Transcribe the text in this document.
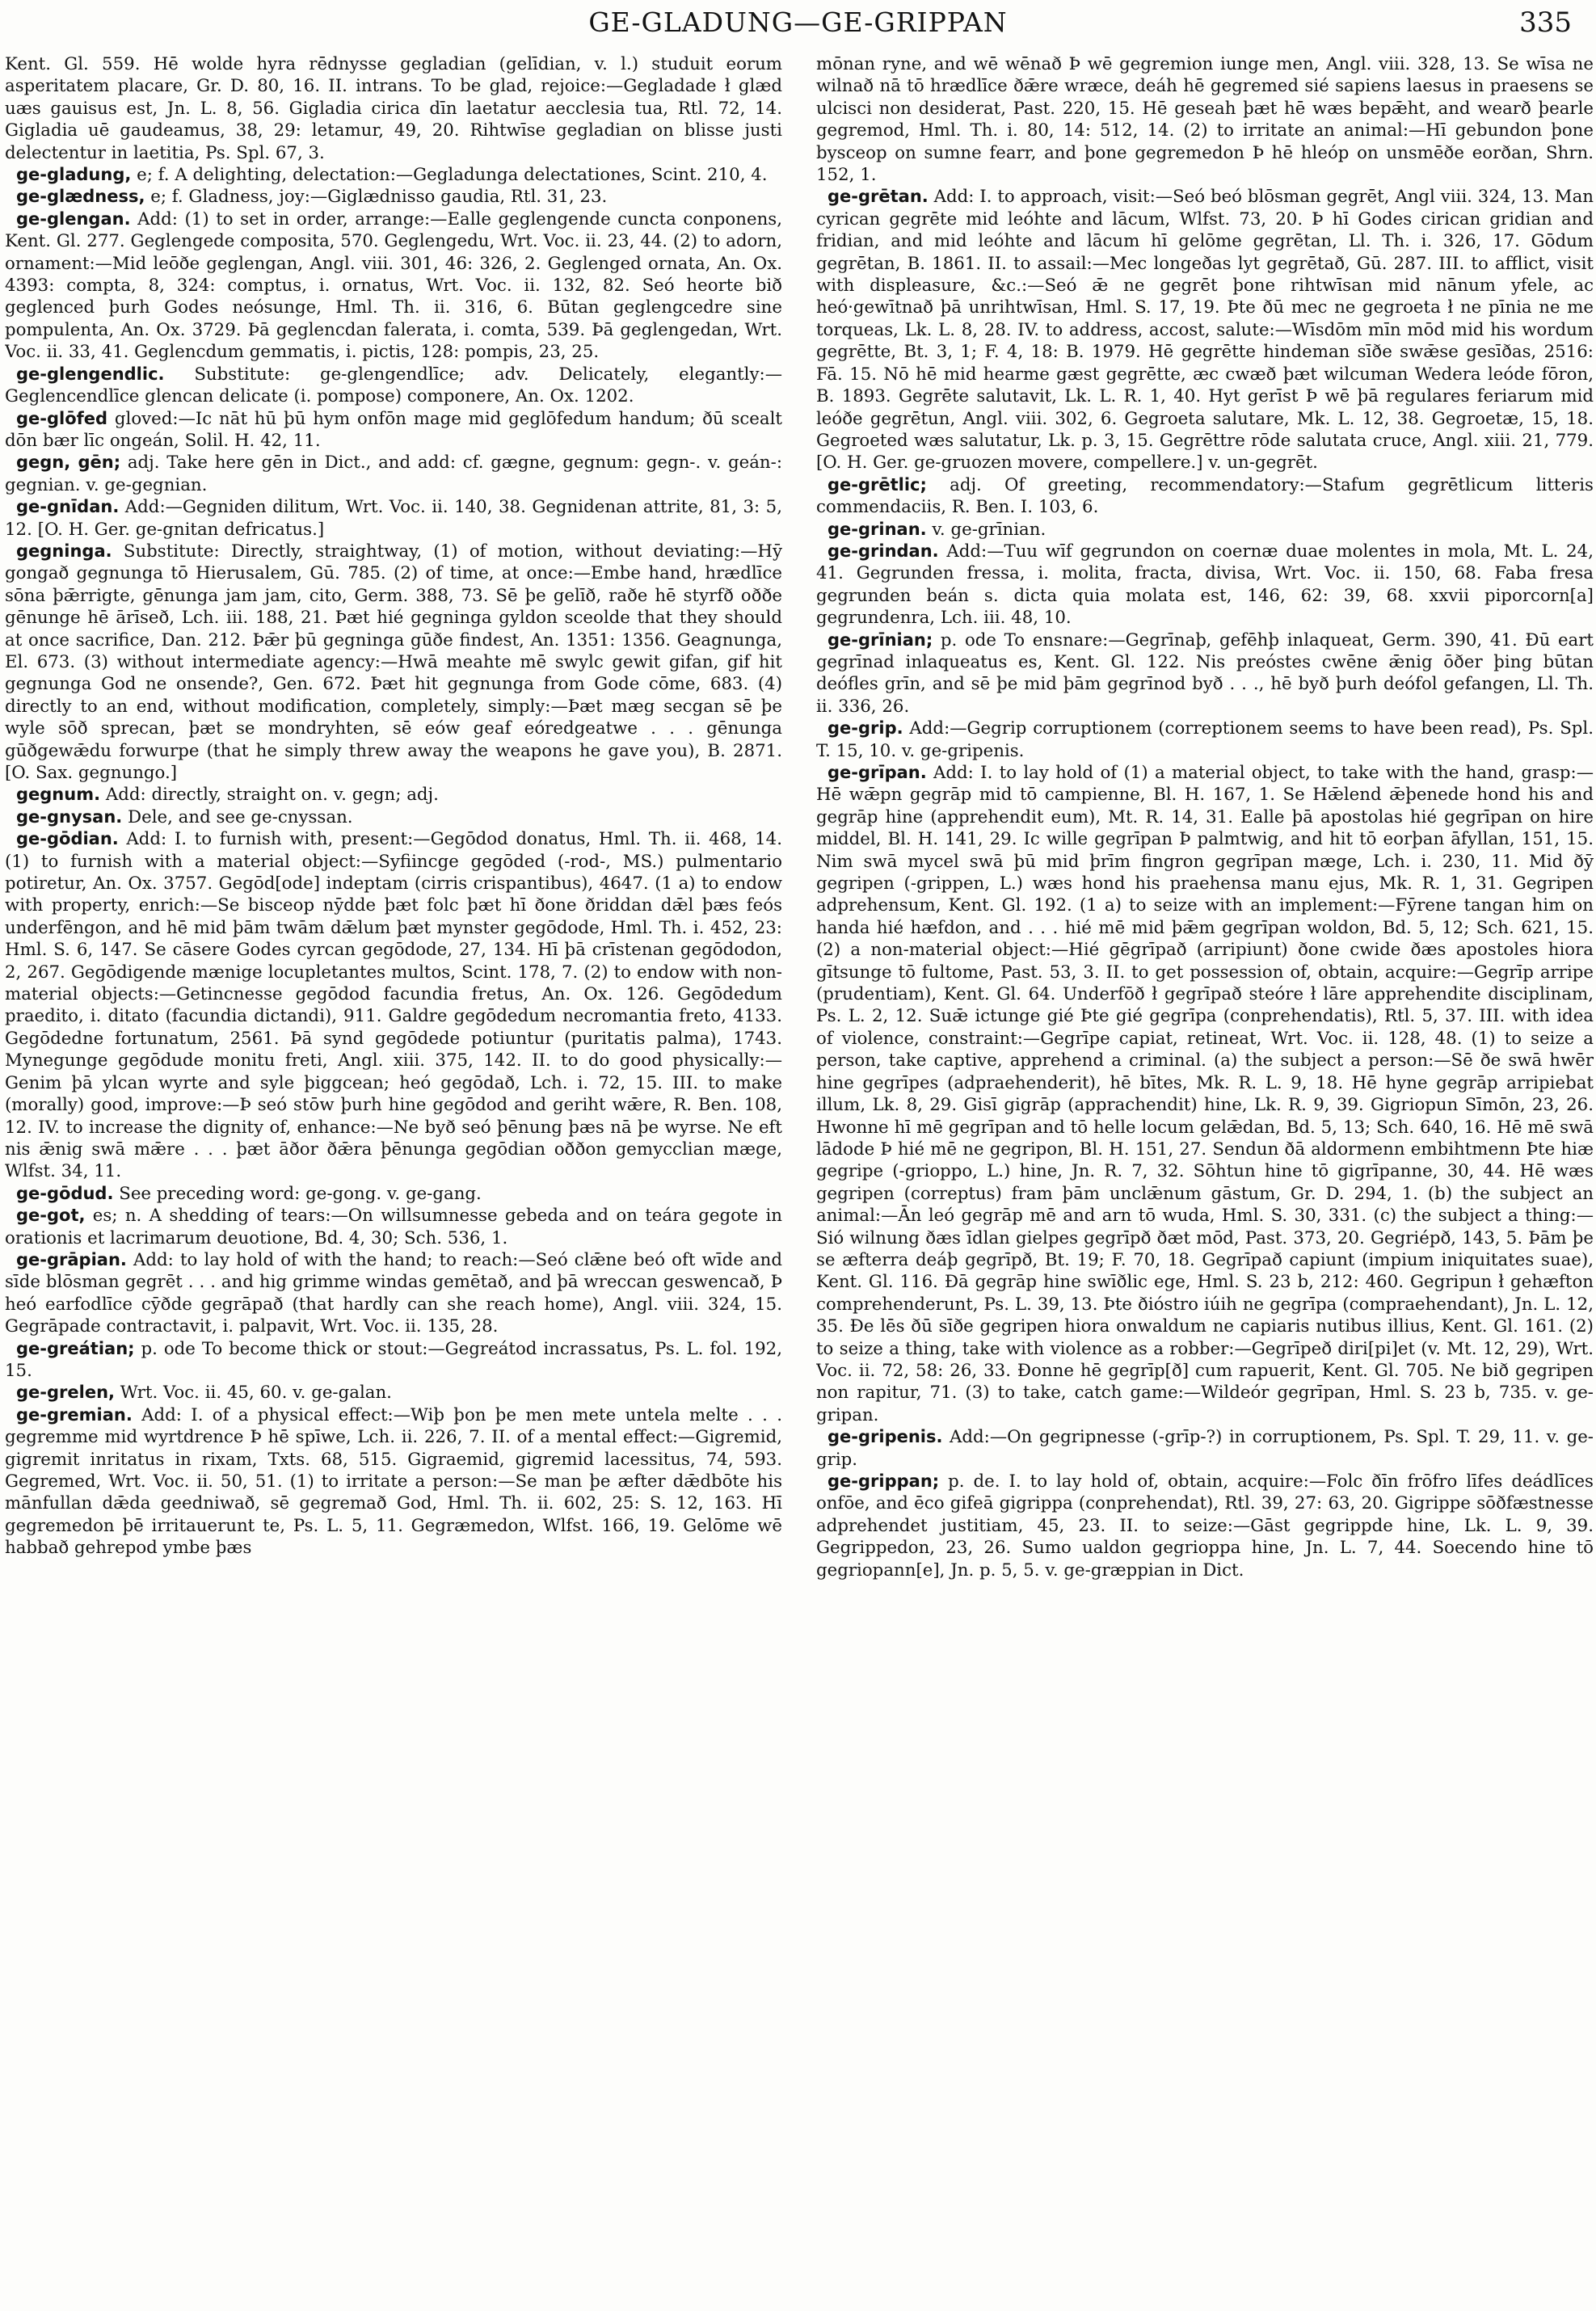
GE-GLADUNG—GE-GRIPPAN	335

Kent. Gl. 559. Hē wolde hyra rēdnysse gegladian (gelīdian, v. l.) studuit eorum asperitatem placare, Gr. D. 80, 16. II. intrans. To be glad, rejoice:—Gegladade ł glæd uæs gauisus est, Jn. L. 8, 56. Gigladia cirica dīn laetatur aecclesia tua, Rtl. 72, 14. Gigladia uē gaudeamus, 38, 29: letamur, 49, 20. Rihtwīse gegladian on blisse justi delectentur in laetitia, Ps. Spl. 67, 3.

ge-gladung, e; f. A delighting, delectation:—Gegladunga delectationes, Scint. 210, 4.

ge-glædness, e; f. Gladness, joy:—Giglædnisso gaudia, Rtl. 31, 23.

ge-glengan. Add: (1) to set in order, arrange:—Ealle geglengende cuncta conponens, Kent. Gl. 277. Geglengede composita, 570. Geglengedu, Wrt. Voc. ii. 23, 44. (2) to adorn, ornament:—Mid leōðe geglengan, Angl. viii. 301, 46: 326, 2. Geglenged ornata, An. Ox. 4393: compta, 8, 324: comptus, i. ornatus, Wrt. Voc. ii. 132, 82. Seó heorte bið geglenced þurh Godes neósunge, Hml. Th. ii. 316, 6. Būtan geglengcedre sine pompulenta, An. Ox. 3729. Þā geglencdan falerata, i. comta, 539. Þā geglengedan, Wrt. Voc. ii. 33, 41. Geglencdum gemmatis, i. pictis, 128: pompis, 23, 25.

ge-glengendlic. Substitute: ge-glengendlīce; adv. Delicately, elegantly:—Geglencendlīce glencan delicate (i. pompose) componere, An. Ox. 1202.

ge-glōfed gloved:—Ic nāt hū þū hym onfōn mage mid geglōfedum handum; ðū scealt dōn bær līc ongeán, Solil. H. 42, 11.

gegn, gēn; adj. Take here gēn in Dict., and add: cf. gægne, gegnum: gegn-. v. geán-: gegnian. v. ge-gegnian.

ge-gnīdan. Add:—Gegniden dilitum, Wrt. Voc. ii. 140, 38. Gegnidenan attrite, 81, 3: 5, 12. [O. H. Ger. ge-gnitan defricatus.]

gegninga. Substitute: Directly, straightway, (1) of motion, without deviating:—Hȳ gongað gegnunga tō Hierusalem, Gū. 785. (2) of time, at once:—Embe hand, hrædlīce sōna þǣrrigte, gēnunga jam jam, cito, Germ. 388, 73. Sē þe gelīð, raðe hē styrfð oððe gēnunge hē ārīseð, Lch. iii. 188, 21. Þæt hié gegninga gyldon sceolde that they should at once sacrifice, Dan. 212. Þǣr þū gegninga gūðe findest, An. 1351: 1356. Geagnunga, El. 673. (3) without intermediate agency:—Hwā meahte mē swylc gewit gifan, gif hit gegnunga God ne onsende?, Gen. 672. Þæt hit gegnunga from Gode cōme, 683. (4) directly to an end, without modification, completely, simply:—Þæt mæg secgan sē þe wyle sōð sprecan, þæt se mondryhten, sē eów geaf eóredgeatwe . . . gēnunga gūðgewǣdu forwurpe (that he simply threw away the weapons he gave you), B. 2871. [O. Sax. gegnungo.]

gegnum. Add: directly, straight on. v. gegn; adj.

ge-gnysan. Dele, and see ge-cnyssan.

ge-gōdian. Add: I. to furnish with, present:—Gegōdod donatus, Hml. Th. ii. 468, 14. (1) to furnish with a material object:—Syfiincge gegōded (-rod-, MS.) pulmentario potiretur, An. Ox. 3757. Gegōd[ode] indeptam (cirris crispantibus), 4647. (1 a) to endow with property, enrich:—Se bisceop nȳdde þæt folc þæt hī ðone ðriddan dǣl þæs feós underfēngon, and hē mid þām twām dǣlum þæt mynster gegōdode, Hml. Th. i. 452, 23: Hml. S. 6, 147. Se cāsere Godes cyrcan gegōdode, 27, 134. Hī þā crīstenan gegōdodon, 2, 267. Gegōdigende mænige locupletantes multos, Scint. 178, 7. (2) to endow with non-material objects:—Getincnesse gegōdod facundia fretus, An. Ox. 126. Gegōdedum praedito, i. ditato (facundia dictandi), 911. Galdre gegōdedum necromantia freto, 4133. Gegōdedne fortunatum, 2561. Þā synd gegōdede potiuntur (puritatis palma), 1743. Mynegunge gegōdude monitu freti, Angl. xiii. 375, 142. II. to do good physically:—Genim þā ylcan wyrte and syle þiggcean; heó gegōdað, Lch. i. 72, 15. III. to make (morally) good, improve:—Þ seó stōw þurh hine gegōdod and geriht wǣre, R. Ben. 108, 12. IV. to increase the dignity of, enhance:—Ne byð seó þēnung þæs nā þe wyrse. Ne eft nis ǣnig swā mǣre . . . þæt āðor ðǣra þēnunga gegōdian oððon gemycclian mæge, Wlfst. 34, 11.

ge-gōdud. See preceding word: ge-gong. v. ge-gang.

ge-got, es; n. A shedding of tears:—On willsumnesse gebeda and on teára gegote in orationis et lacrimarum deuotione, Bd. 4, 30; Sch. 536, 1.

ge-grāpian. Add: to lay hold of with the hand; to reach:—Seó clǣne beó oft wīde and sīde blōsman gegrēt . . . and hig grimme windas gemētað, and þā wreccan geswencað, Þ heó earfodlīce cȳðde gegrāpað (that hardly can she reach home), Angl. viii. 324, 15. Gegrāpade contractavit, i. palpavit, Wrt. Voc. ii. 135, 28.

ge-greátian; p. ode To become thick or stout:—Gegreátod incrassatus, Ps. L. fol. 192, 15.

ge-grelen, Wrt. Voc. ii. 45, 60. v. ge-galan.

ge-gremian. Add: I. of a physical effect:—Wiþ þon þe men mete untela melte . . . gegremme mid wyrtdrence Þ hē spīwe, Lch. ii. 226, 7. II. of a mental effect:—Gigremid, gigremit inritatus in rixam, Txts. 68, 515. Gigraemid, gigremid lacessitus, 74, 593. Gegremed, Wrt. Voc. ii. 50, 51. (1) to irritate a person:—Se man þe æfter dǣdbōte his mānfullan dǣda geedniwað, sē gegremað God, Hml. Th. ii. 602, 25: S. 12, 163. Hī gegremedon þē irritauerunt te, Ps. L. 5, 11. Gegræmedon, Wlfst. 166, 19. Gelōme wē habbað gehrepod ymbe þæs

mōnan ryne, and wē wēnað Þ wē gegremion iunge men, Angl. viii. 328, 13. Se wīsa ne wilnað nā tō hrædlīce ðǣre wræce, deáh hē gegremed sié sapiens laesus in praesens se ulcisci non desiderat, Past. 220, 15. Hē geseah þæt hē wæs bepǣht, and wearð þearle gegremod, Hml. Th. i. 80, 14: 512, 14. (2) to irritate an animal:—Hī gebundon þone bysceop on sumne fearr, and þone gegremedon Þ hē hleóp on unsmēðe eorðan, Shrn. 152, 1.

ge-grētan. Add: I. to approach, visit:—Seó beó blōsman gegrēt, Angl viii. 324, 13. Man cyrican gegrēte mid leóhte and lācum, Wlfst. 73, 20. Þ hī Godes cirican gridian and fridian, and mid leóhte and lācum hī gelōme gegrētan, Ll. Th. i. 326, 17. Gōdum gegrētan, B. 1861. II. to assail:—Mec longeðas lyt gegrētað, Gū. 287. III. to afflict, visit with displeasure, &c.:—Seó ǣ ne gegrēt þone rihtwīsan mid nānum yfele, ac heó·gewītnað þā unrihtwīsan, Hml. S. 17, 19. Þte ðū mec ne gegroeta ł ne pīnia ne me torqueas, Lk. L. 8, 28. IV. to address, accost, salute:—Wīsdōm mīn mōd mid his wordum gegrētte, Bt. 3, 1; F. 4, 18: B. 1979. Hē gegrētte hindeman sīðe swǣse gesīðas, 2516: Fā. 15. Nō hē mid hearme gæst gegrētte, æc cwæð þæt wilcuman Wedera leóde fōron, B. 1893. Gegrēte salutavit, Lk. L. R. 1, 40. Hyt gerīst Þ wē þā regulares feriarum mid leóðe gegrētun, Angl. viii. 302, 6. Gegroeta salutare, Mk. L. 12, 38. Gegroetæ, 15, 18. Gegroeted wæs salutatur, Lk. p. 3, 15. Gegrēttre rōde salutata cruce, Angl. xiii. 21, 779. [O. H. Ger. ge-gruozen movere, compellere.] v. un-gegrēt.

ge-grētlic; adj. Of greeting, recommendatory:—Stafum gegrētlicum litteris commendaciis, R. Ben. I. 103, 6.

ge-grinan. v. ge-grīnian.

ge-grindan. Add:—Tuu wīf gegrundon on coernæ duae molentes in mola, Mt. L. 24, 41. Gegrunden fressa, i. molita, fracta, divisa, Wrt. Voc. ii. 150, 68. Faba fresa gegrunden beán s. dicta quia molata est, 146, 62: 39, 68. xxvii piporcorn[a] gegrundenra, Lch. iii. 48, 10.

ge-grīnian; p. ode To ensnare:—Gegrīnaþ, gefēhþ inlaqueat, Germ. 390, 41. Ðū eart gegrīnad inlaqueatus es, Kent. Gl. 122. Nis preóstes cwēne ǣnig ōðer þing būtan deófles grīn, and sē þe mid þām gegrīnod byð . . ., hē byð þurh deófol gefangen, Ll. Th. ii. 336, 26.

ge-grip. Add:—Gegrip corruptionem (correptionem seems to have been read), Ps. Spl. T. 15, 10. v. ge-gripenis.

ge-grīpan. Add: I. to lay hold of (1) a material object, to take with the hand, grasp:—Hē wǣpn gegrāp mid tō campienne, Bl. H. 167, 1. Se Hǣlend ǣþenede hond his and gegrāp hine (apprehendit eum), Mt. R. 14, 31. Ealle þā apostolas hié gegrīpan on hire middel, Bl. H. 141, 29. Ic wille gegrīpan Þ palmtwig, and hit tō eorþan āfyllan, 151, 15. Nim swā mycel swā þū mid þrīm fingron gegrīpan mæge, Lch. i. 230, 11. Mid ðȳ gegripen (-grippen, L.) wæs hond his praehensa manu ejus, Mk. R. 1, 31. Gegripen adprehensum, Kent. Gl. 192. (1 a) to seize with an implement:—Fȳrene tangan him on handa hié hæfdon, and . . . hié mē mid þǣm gegrīpan woldon, Bd. 5, 12; Sch. 621, 15. (2) a non-material object:—Hié gēgrīpað (arripiunt) ðone cwide ðæs apostoles hiora gītsunge tō fultome, Past. 53, 3. II. to get possession of, obtain, acquire:—Gegrīp arripe (prudentiam), Kent. Gl. 64. Underfōð ł gegrīpað steóre ł lāre apprehendite disciplinam, Ps. L. 2, 12. Suǣ ictunge gié Þte gié gegrīpa (conprehendatis), Rtl. 5, 37. III. with idea of violence, constraint:—Gegrīpe capiat, retineat, Wrt. Voc. ii. 128, 48. (1) to seize a person, take captive, apprehend a criminal. (a) the subject a person:—Sē ðe swā hwēr hine gegrīpes (adpraehenderit), hē bītes, Mk. R. L. 9, 18. Hē hyne gegrāp arripiebat illum, Lk. 8, 29. Gisī gigrāp (apprachendit) hine, Lk. R. 9, 39. Gigriopun Sīmōn, 23, 26. Hwonne hī mē gegrīpan and tō helle locum gelǣdan, Bd. 5, 13; Sch. 640, 16. Hē mē swā lādode Þ hié mē ne gegripon, Bl. H. 151, 27. Sendun ðā aldormenn embihtmenn Þte hiæ gegripe (-grioppo, L.) hine, Jn. R. 7, 32. Sōhtun hine tō gigrīpanne, 30, 44. Hē wæs gegripen (correptus) fram þām unclǣnum gāstum, Gr. D. 294, 1. (b) the subject an animal:—Ān leó gegrāp mē and arn tō wuda, Hml. S. 30, 331. (c) the subject a thing:—Sió wilnung ðæs īdlan gielpes gegrīpð ðæt mōd, Past. 373, 20. Gegriépð, 143, 5. Þām þe se æfterra deáþ gegrīpð, Bt. 19; F. 70, 18. Gegrīpað capiunt (impium iniquitates suae), Kent. Gl. 116. Ðā gegrāp hine swīðlic ege, Hml. S. 23 b, 212: 460. Gegripun ł gehæfton comprehenderunt, Ps. L. 39, 13. Þte ðióstro iúih ne gegrīpa (compraehendant), Jn. L. 12, 35. Ðe lēs ðū sīðe gegripen hiora onwaldum ne capiaris nutibus illius, Kent. Gl. 161. (2) to seize a thing, take with violence as a robber:—Gegrīpeð diri[pi]et (v. Mt. 12, 29), Wrt. Voc. ii. 72, 58: 26, 33. Ðonne hē gegrīp[ð] cum rapuerit, Kent. Gl. 705. Ne bið gegripen non rapitur, 71. (3) to take, catch game:—Wildeór gegrīpan, Hml. S. 23 b, 735. v. ge-gripan.

ge-gripenis. Add:—On gegripnesse (-grīp-?) in corruptionem, Ps. Spl. T. 29, 11. v. ge-grip.

ge-grippan; p. de. I. to lay hold of, obtain, acquire:—Folc ðīn frōfro līfes deádlīces onfōe, and ēco gifeā gigrippa (conprehendat), Rtl. 39, 27: 63, 20. Gigrippe sōðfæstnesse adprehendet justitiam, 45, 23. II. to seize:—Gāst gegrippde hine, Lk. L. 9, 39. Gegrippedon, 23, 26. Sumo ualdon gegrioppa hine, Jn. L. 7, 44. Soecendo hine tō gegriopann[e], Jn. p. 5, 5. v. ge-græppian in Dict.
